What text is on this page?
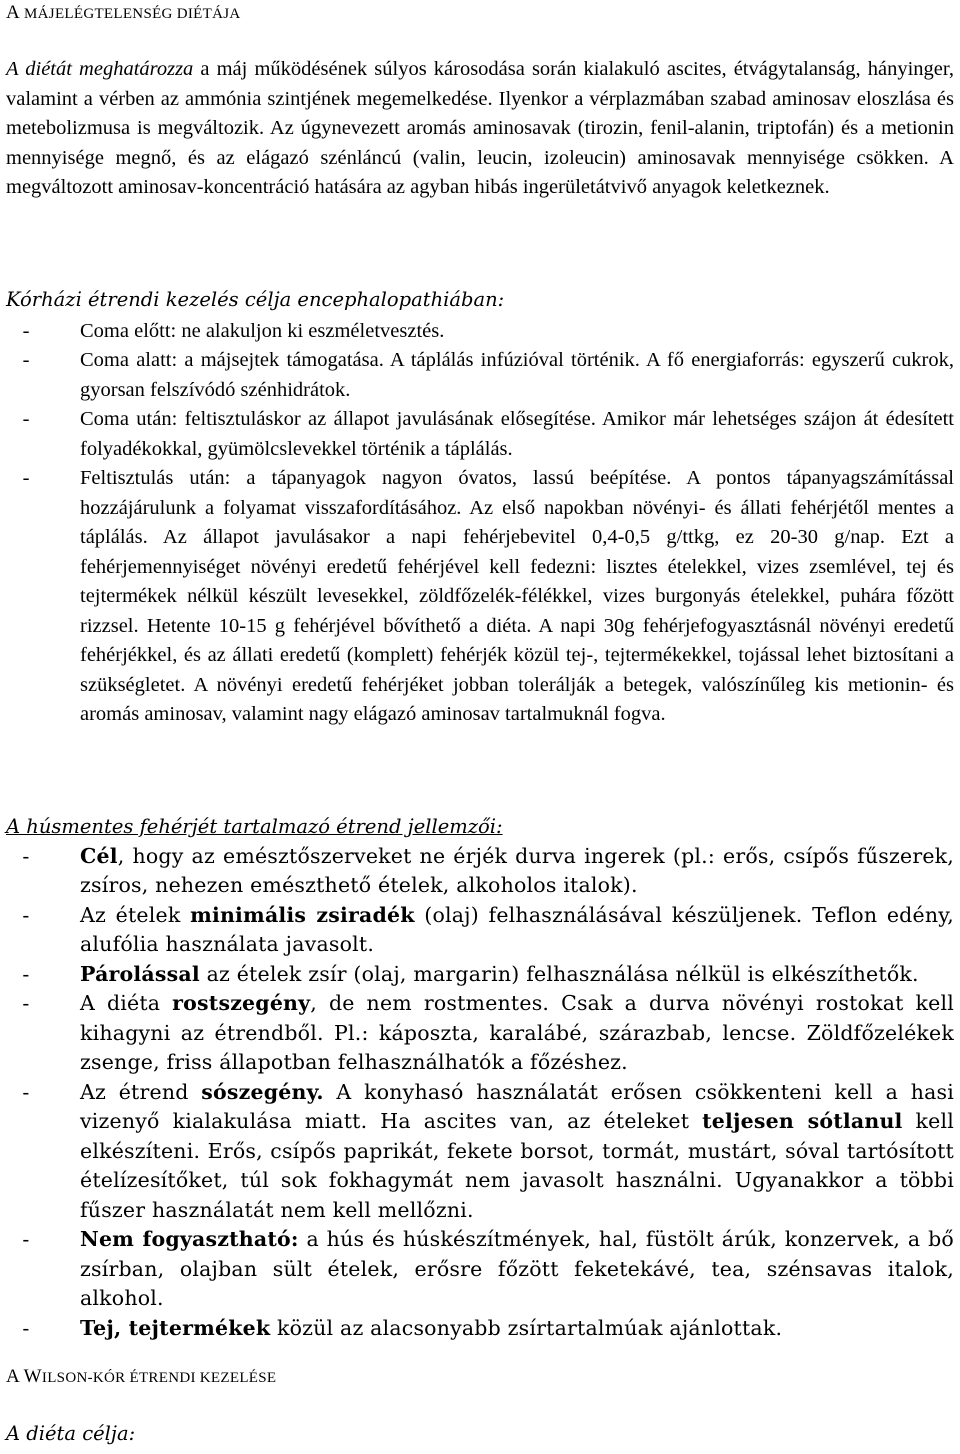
A MÁJELÉGTELENSÉG DIÉTÁJA
A diétát meghatározza a máj működésének súlyos károsodása során kialakuló ascites, étvágytalanság, hányinger, valamint a vérben az ammónia szintjének megemelkedése. Ilyenkor a vérplazmában szabad aminosav eloszlása és metebolizmusa is megváltozik. Az úgynevezett aromás aminosavak (tirozin, fenil-alanin, triptofán) és a metionin mennyisége megnő, és az elágazó szénláncú (valin, leucin, izoleucin) aminosavak mennyisége csökken. A megváltozott aminosav-koncentráció hatására az agyban hibás ingerületátvivő anyagok keletkeznek.
Kórházi étrendi kezelés célja encephalopathiában:
-	Coma előtt: ne alakuljon ki eszméletvesztés.
-	Coma alatt: a májsejtek támogatása. A táplálás infúzióval történik. A fő energiaforrás: egyszerű cukrok, gyorsan felszívódó szénhidrátok.
-	Coma után: feltisztuláskor az állapot javulásának elősegítése. Amikor már lehetséges szájon át édesített folyadékokkal, gyümölcslevekkel történik a táplálás.
-	Feltisztulás után: a tápanyagok nagyon óvatos, lassú beépítése. A pontos tápanyagszámítással hozzájárulunk a folyamat visszafordításához. Az első napokban növényi- és állati fehérjétől mentes a táplálás. Az állapot javulásakor a napi fehérjebevitel 0,4-0,5 g/ttkg, ez 20-30 g/nap. Ezt a fehérjemennyiséget növényi eredetű fehérjével kell fedezni: lisztes ételekkel, vizes zsemlével, tej és tejtermékek nélkül készült levesekkel, zöldfőzelék-félékkel, vizes burgonyás ételekkel, puhára főzött rizzsel. Hetente 10-15 g fehérjével bővíthető a diéta. A napi 30g fehérjefogyasztásnál növényi eredetű fehérjékkel, és az állati eredetű (komplett) fehérjék közül tej-, tejtermékekkel, tojással lehet biztosítani a szükségletet. A növényi eredetű fehérjéket jobban tolerálják a betegek, valószínűleg kis metionin- és aromás aminosav, valamint nagy elágazó aminosav tartalmuknál fogva.
A húsmentes fehérjét tartalmazó étrend jellemzői:
-	Cél, hogy az emésztőszerveket ne érjék durva ingerek (pl.: erős, csípős fűszerek, zsíros, nehezen emészthető ételek, alkoholos italok).
-	Az ételek minimális zsiradék (olaj) felhasználásával készüljenek. Teflon edény, alufólia használata javasolt.
-	Párolással az ételek zsír (olaj, margarin) felhasználása nélkül is elkészíthetők.
-	A diéta rostszegény, de nem rostmentes. Csak a durva növényi rostokat kell kihagyni az étrendből. Pl.: káposzta, karalábé, szárazbab, lencse. Zöldfőzelékek zsenge, friss állapotban felhasználhatók a főzéshez.
-	Az étrend sószegény. A konyhasó használatát erősen csökkenteni kell a hasi vizenyő kialakulása miatt. Ha ascites van, az ételeket teljesen sótlanul kell elkészíteni. Erős, csípős paprikát, fekete borsot, tormát, mustárt, sóval tartósított ételízesítőket, túl sok fokhagymát nem javasolt használni. Ugyanakkor a többi fűszer használatát nem kell mellőzni.
-	Nem fogyasztható: a hús és húskészítmények, hal, füstölt árúk, konzervek, a bő zsírban, olajban sült ételek, erősre főzött feketekávé, tea, szénsavas italok, alkohol.
-	Tej, tejtermékek közül az alacsonyabb zsírtartalmúak ajánlottak.
A WILSON-KÓR ÉTRENDI KEZELÉSE
A diéta célja:
